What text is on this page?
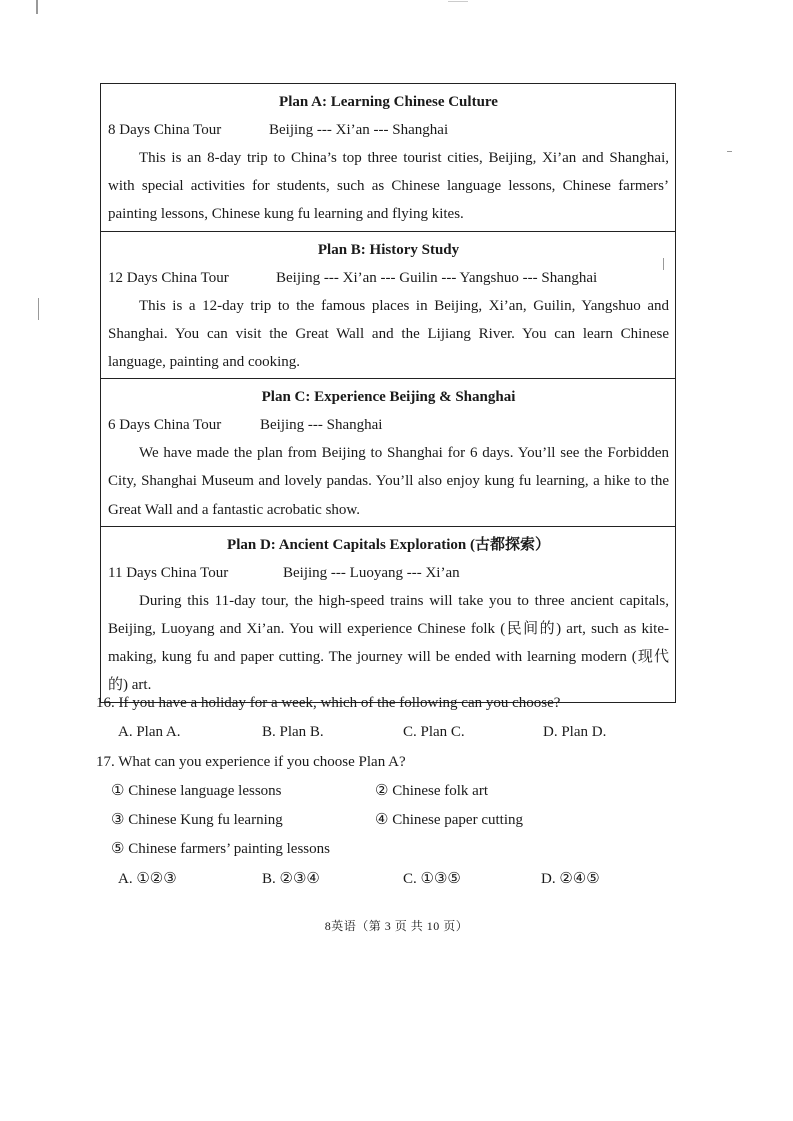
Plan A: Learning Chinese Culture
8 Days China Tour	Beijing --- Xi’an --- Shanghai

This is an 8-day trip to China’s top three tourist cities, Beijing, Xi’an and Shanghai, with special activities for students, such as Chinese language lessons, Chinese farmers’ painting lessons, Chinese kung fu learning and flying kites.

Plan B: History Study
12 Days China Tour	Beijing --- Xi’an --- Guilin --- Yangshuo --- Shanghai

This is a 12-day trip to the famous places in Beijing, Xi’an, Guilin, Yangshuo and Shanghai. You can visit the Great Wall and the Lijiang River. You can learn Chinese language, painting and cooking.

Plan C: Experience Beijing & Shanghai
6 Days China Tour	Beijing --- Shanghai

We have made the plan from Beijing to Shanghai for 6 days. You’ll see the Forbidden City, Shanghai Museum and lovely pandas. You’ll also enjoy kung fu learning, a hike to the Great Wall and a fantastic acrobatic show.

Plan D: Ancient Capitals Exploration (古都探索）
11 Days China Tour	Beijing --- Luoyang --- Xi’an

During this 11-day tour, the high-speed trains will take you to three ancient capitals, Beijing, Luoyang and Xi’an. You will experience Chinese folk (民间的) art, such as kite-making, kung fu and paper cutting. The journey will be ended with learning modern (现代的) art.

16. If you have a holiday for a week, which of the following can you choose?
A. Plan A.	B. Plan B.	C. Plan C.	D. Plan D.
17. What can you experience if you choose Plan A?
① Chinese language lessons	② Chinese folk art
③ Chinese Kung fu learning	④ Chinese paper cutting
⑤ Chinese farmers’ painting lessons
A. ①②③	B. ②③④	C. ①③⑤	D. ②④⑤
8英语（第 3 页 共 10 页）
